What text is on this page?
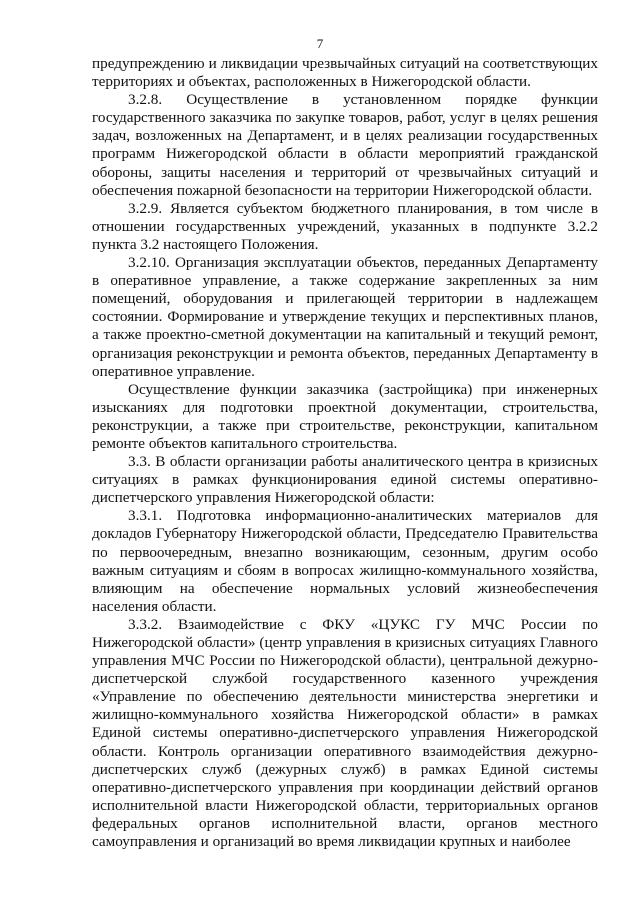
7

предупреждению и ликвидации чрезвычайных ситуаций на соответствующих территориях и объектах, расположенных в Нижегородской области.

3.2.8. Осуществление в установленном порядке функции государственного заказчика по закупке товаров, работ, услуг в целях решения задач, возложенных на Департамент, и в целях реализации государственных программ Нижегородской области в области мероприятий гражданской обороны, защиты населения и территорий от чрезвычайных ситуаций и обеспечения пожарной безопасности на территории Нижегородской области.

3.2.9. Является субъектом бюджетного планирования, в том числе в отношении государственных учреждений, указанных в подпункте 3.2.2 пункта 3.2 настоящего Положения.

3.2.10. Организация эксплуатации объектов, переданных Департаменту в оперативное управление, а также содержание закрепленных за ним помещений, оборудования и прилегающей территории в надлежащем состоянии. Формирование и утверждение текущих и перспективных планов, а также проектно-сметной документации на капитальный и текущий ремонт, организация реконструкции и ремонта объектов, переданных Департаменту в оперативное управление.

Осуществление функции заказчика (застройщика) при инженерных изысканиях для подготовки проектной документации, строительства, реконструкции, а также при строительстве, реконструкции, капитальном ремонте объектов капитального строительства.

3.3. В области организации работы аналитического центра в кризисных ситуациях в рамках функционирования единой системы оперативно-диспетчерского управления Нижегородской области:

3.3.1. Подготовка информационно-аналитических материалов для докладов Губернатору Нижегородской области, Председателю Правительства по первоочередным, внезапно возникающим, сезонным, другим особо важным ситуациям и сбоям в вопросах жилищно-коммунального хозяйства, влияющим на обеспечение нормальных условий жизнеобеспечения населения области.

3.3.2. Взаимодействие с ФКУ «ЦУКС ГУ МЧС России по Нижегородской области» (центр управления в кризисных ситуациях Главного управления МЧС России по Нижегородской области), центральной дежурно-диспетчерской службой государственного казенного учреждения «Управление по обеспечению деятельности министерства энергетики и жилищно-коммунального хозяйства Нижегородской области» в рамках Единой системы оперативно-диспетчерского управления Нижегородской области. Контроль организации оперативного взаимодействия дежурно-диспетчерских служб (дежурных служб) в рамках Единой системы оперативно-диспетчерского управления при координации действий органов исполнительной власти Нижегородской области, территориальных органов федеральных органов исполнительной власти, органов местного самоуправления и организаций во время ликвидации крупных и наиболее
